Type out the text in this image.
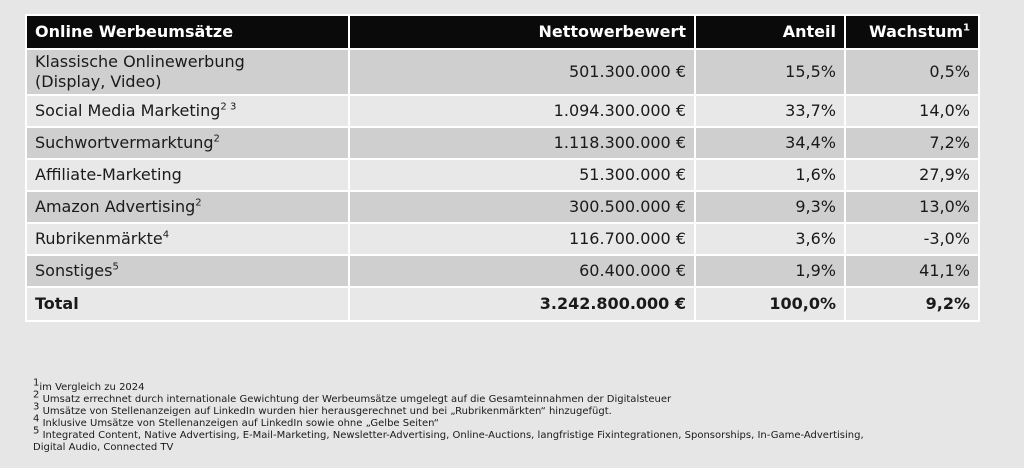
Online Werbeumsätze	Nettowerbewert	Anteil	Wachstum$^1$
Klassische Onlinewerbung
(Display, Video)	501.300.000 €	15,5%	0,5%
Social Media Marketing$^{2 3}$	1.094.300.000 €	33,7%	14,0%
Suchwortvermarktung$^2$	1.118.300.000 €	34,4%	7,2%
Affiliate-Marketing	51.300.000 €	1,6%	27,9%
Amazon Advertising$^2$	300.500.000 €	9,3%	13,0%
Rubrikenmärkte$^4$	116.700.000 €	3,6%	-3,0%
Sonstiges$^5$	60.400.000 €	1,9%	41,1%
Total	3.242.800.000 €	100,0%	9,2%
$^1$im Vergleich zu 2024
$^2$ Umsatz errechnet durch internationale Gewichtung der Werbeumsätze umgelegt auf die Gesamteinnahmen der Digitalsteuer
$^3$ Umsätze von Stellenanzeigen auf LinkedIn wurden hier herausgerechnet und bei „Rubrikenmärkten“ hinzugefügt.
$^4$ Inklusive Umsätze von Stellenanzeigen auf LinkedIn sowie ohne „Gelbe Seiten“
$^5$ Integrated Content, Native Advertising, E-Mail-Marketing, Newsletter-Advertising, Online-Auctions, langfristige Fixintegrationen, Sponsorships, In-Game-Advertising,
Digital Audio, Connected TV
